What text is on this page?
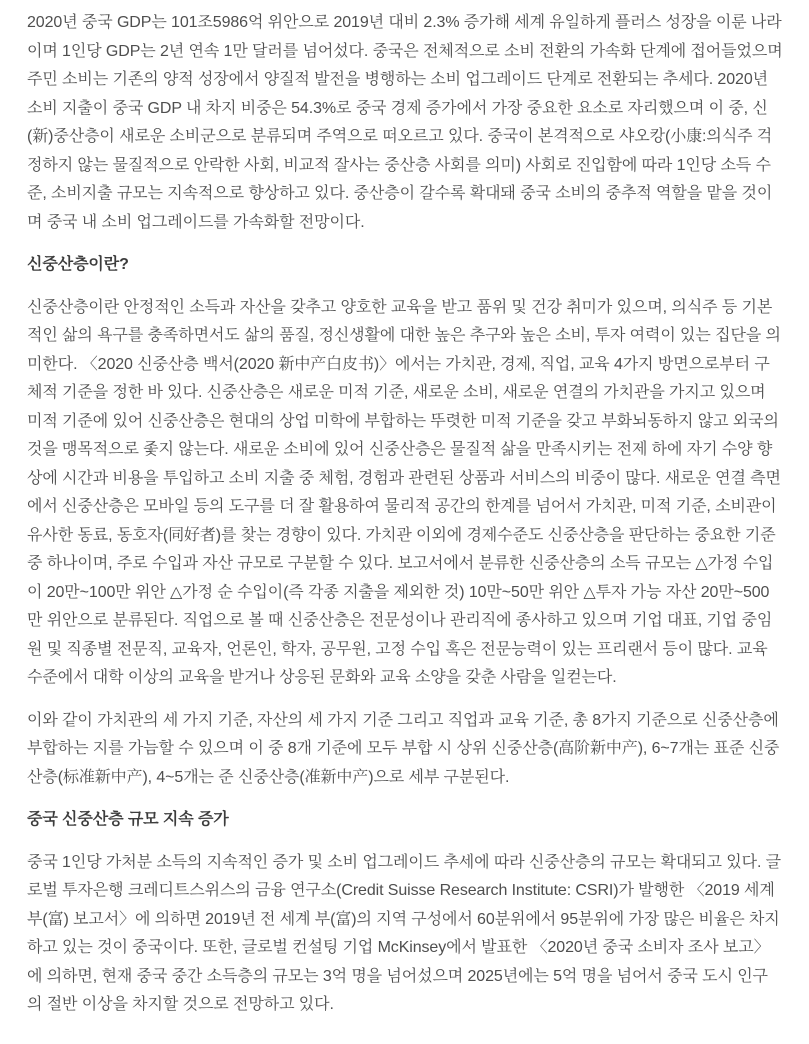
2020년 중국 GDP는 101조5986억 위안으로 2019년 대비 2.3% 증가해 세계 유일하게 플러스 성장을 이룬 나라이며 1인당 GDP는 2년 연속 1만 달러를 넘어섰다. 중국은 전체적으로 소비 전환의 가속화 단계에 접어들었으며 주민 소비는 기존의 양적 성장에서 양질적 발전을 병행하는 소비 업그레이드 단계로 전환되는 추세다. 2020년 소비 지출이 중국 GDP 내 차지 비중은 54.3%로 중국 경제 증가에서 가장 중요한 요소로 자리했으며 이 중, 신(新)중산층이 새로운 소비군으로 분류되며 주역으로 떠오르고 있다. 중국이 본격적으로 샤오캉(小康:의식주 걱정하지 않는 물질적으로 안락한 사회, 비교적 잘사는 중산층 사회를 의미) 사회로 진입함에 따라 1인당 소득 수준, 소비지출 규모는 지속적으로 향상하고 있다. 중산층이 갈수록 확대돼 중국 소비의 중추적 역할을 맡을 것이며 중국 내 소비 업그레이드를 가속화할 전망이다.

신중산층이란?

신중산층이란 안정적인 소득과 자산을 갖추고 양호한 교육을 받고 품위 및 건강 취미가 있으며, 의식주 등 기본적인 삶의 욕구를 충족하면서도 삶의 품질, 정신생활에 대한 높은 추구와 높은 소비, 투자 여력이 있는 집단을 의미한다. 〈2020 신중산층 백서(2020 新中产白皮书)〉에서는 가치관, 경제, 직업, 교육 4가지 방면으로부터 구체적 기준을 정한 바 있다. 신중산층은 새로운 미적 기준, 새로운 소비, 새로운 연결의 가치관을 가지고 있으며 미적 기준에 있어 신중산층은 현대의 상업 미학에 부합하는 뚜렷한 미적 기준을 갖고 부화뇌동하지 않고 외국의 것을 맹목적으로 좇지 않는다. 새로운 소비에 있어 신중산층은 물질적 삶을 만족시키는 전제 하에 자기 수양 향상에 시간과 비용을 투입하고 소비 지출 중 체험, 경험과 관련된 상품과 서비스의 비중이 많다. 새로운 연결 측면에서 신중산층은 모바일 등의 도구를 더 잘 활용하여 물리적 공간의 한계를 넘어서 가치관, 미적 기준, 소비관이 유사한 동료, 동호자(同好者)를 찾는 경향이 있다. 가치관 이외에 경제수준도 신중산층을 판단하는 중요한 기준 중 하나이며, 주로 수입과 자산 규모로 구분할 수 있다. 보고서에서 분류한 신중산층의 소득 규모는 △가정 수입이 20만~100만 위안 △가정 순 수입이(즉 각종 지출을 제외한 것) 10만~50만 위안 △투자 가능 자산 20만~500만 위안으로 분류된다. 직업으로 볼 때 신중산층은 전문성이나 관리직에 종사하고 있으며 기업 대표, 기업 중임원 및 직종별 전문직, 교육자, 언론인, 학자, 공무원, 고정 수입 혹은 전문능력이 있는 프리랜서 등이 많다. 교육 수준에서 대학 이상의 교육을 받거나 상응된 문화와 교육 소양을 갖춘 사람을 일컫는다.

이와 같이 가치관의 세 가지 기준, 자산의 세 가지 기준 그리고 직업과 교육 기준, 총 8가지 기준으로 신중산층에 부합하는 지를 가늠할 수 있으며 이 중 8개 기준에 모두 부합 시 상위 신중산층(高阶新中产), 6~7개는 표준 신중산층(标准新中产), 4~5개는 준 신중산층(准新中产)으로 세부 구분된다.

중국 신중산층 규모 지속 증가

중국 1인당 가처분 소득의 지속적인 증가 및 소비 업그레이드 추세에 따라 신중산층의 규모는 확대되고 있다. 글로벌 투자은행 크레디트스위스의 금융 연구소(Credit Suisse Research Institute: CSRI)가 발행한 〈2019 세계 부(富) 보고서〉에 의하면 2019년 전 세계 부(富)의 지역 구성에서 60분위에서 95분위에 가장 많은 비율은 차지하고 있는 것이 중국이다. 또한, 글로벌 컨설팅 기업 McKinsey에서 발표한 〈2020년 중국 소비자 조사 보고〉에 의하면, 현재 중국 중간 소득층의 규모는 3억 명을 넘어섰으며 2025년에는 5억 명을 넘어서 중국 도시 인구의 절반 이상을 차지할 것으로 전망하고 있다.
